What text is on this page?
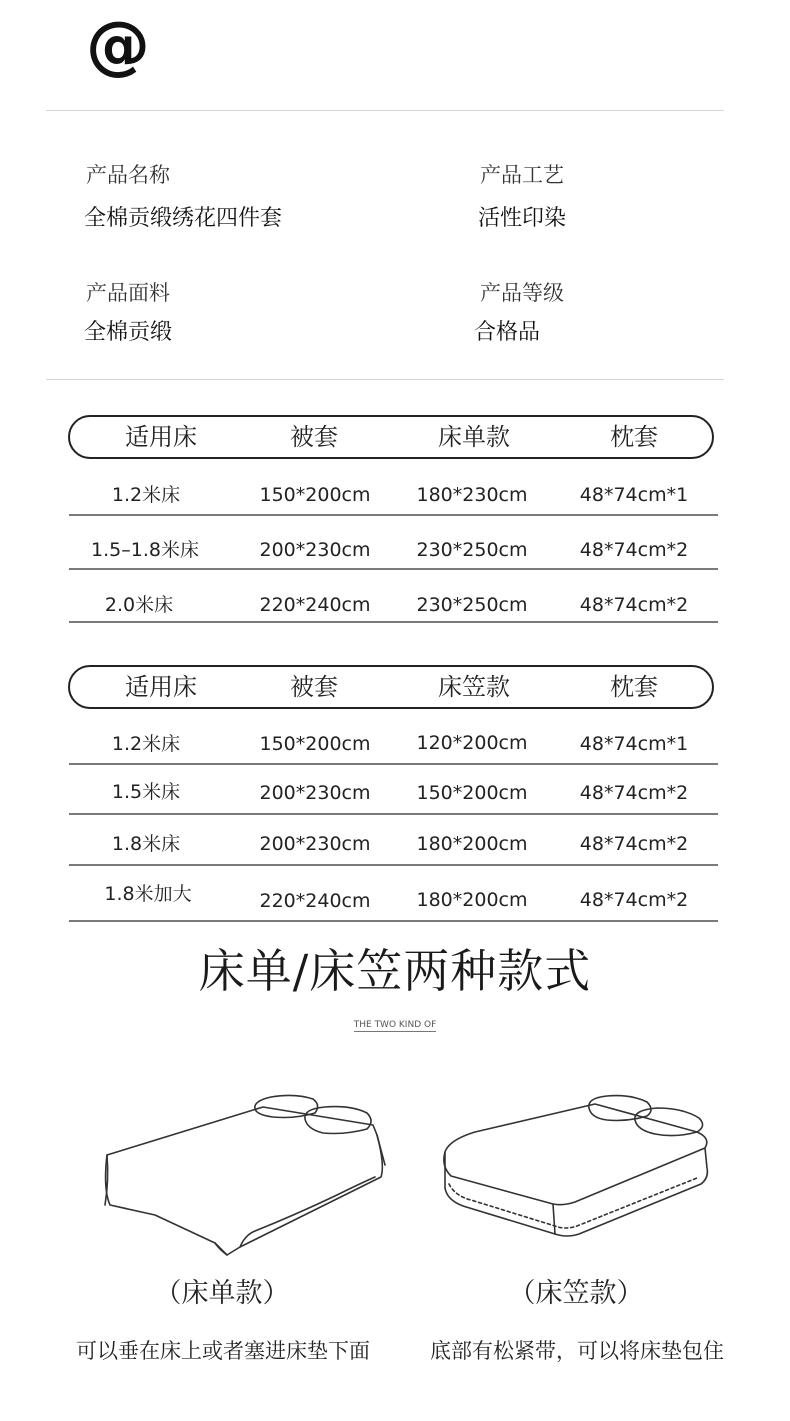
@
产品名称
全棉贡缎绣花四件套
产品工艺
活性印染
产品面料
全棉贡缎
产品等级
合格品
适用床	被套	床单款	枕套
1.2米床	150*200cm 180*230cm	48*74cm*1
1.5–1.8米床	200*230cm 230*250cm	48*74cm*2
2.0米床	220*240cm 230*250cm	48*74cm*2
适用床	被套	床笠款	枕套
1.2米床	150*200cm 120*200cm	48*74cm*1
1.5米床	200*230cm 150*200cm	48*74cm*2
1.8米床	200*230cm 180*200cm	48*74cm*2
1.8米加大	220*240cm 180*200cm	48*74cm*2
床单/床笠两种款式
THE TWO KIND OF
（床单款）	（床笠款）
可以垂在床上或者塞进床垫下面	底部有松紧带，可以将床垫包住
